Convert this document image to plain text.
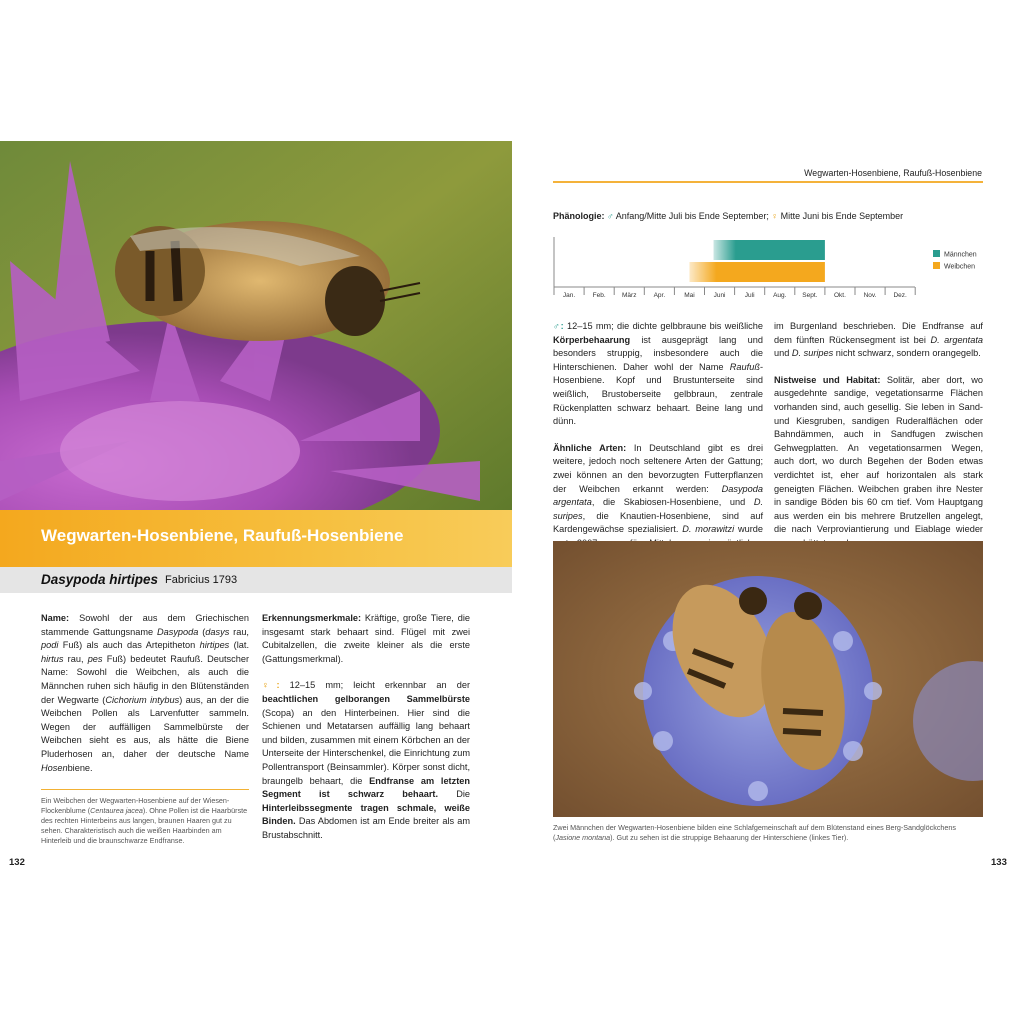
Wegwarten-Hosenbiene, Raufuß-Hosenbiene
Dasypoda hirtipes Fabricius 1793

Name: Sowohl der aus dem Griechischen stammende Gattungsname Dasypoda (dasys rau, podi Fuß) als auch das Artepitheton hirtipes (lat. hirtus rau, pes Fuß) bedeutet Raufuß. Deutscher Name: Sowohl die Weibchen, als auch die Männchen ruhen sich häufig in den Blütenständen der Wegwarte (Cichorium intybus) aus, an der die Weibchen Pollen als Larvenfutter sammeln. Wegen der auffälligen Sammelbürste der Weibchen sieht es aus, als hätte die Biene Pluderhosen an, daher der deutsche Name Hosenbiene.

Ein Weibchen der Wegwarten-Hosenbiene auf der Wiesen-Flockenblume (Centaurea jacea). Ohne Pollen ist die Haarbürste des rechten Hinterbeins aus langen, braunen Haaren gut zu sehen. Charakteristisch auch die weißen Haarbinden am Hinterleib und die braunschwarze Endfranse.

Erkennungsmerkmale: Kräftige, große Tiere, die insgesamt stark behaart sind. Flügel mit zwei Cubitalzellen, die zweite kleiner als die erste (Gattungsmerkmal).

♀: 12–15 mm; leicht erkennbar an der beachtlichen gelborangen Sammelbürste (Scopa) an den Hinterbeinen. Hier sind die Schienen und Metatarsen auffällig lang behaart und bilden, zusammen mit einem Körbchen an der Unterseite der Hinterschenkel, die Einrichtung zum Pollentransport (Beinsammler). Körper sonst dicht, braungelb behaart, die Endfranse am letzten Segment ist schwarz behaart. Die Hinterleibssegmente tragen schmale, weiße Binden. Das Abdomen ist am Ende breiter als am Brustabschnitt.

132
Wegwarten-Hosenbiene, Raufuß-Hosenbiene
Phänologie: ♂ Anfang/Mitte Juli bis Ende September; ♀ Mitte Juni bis Ende September
Jan.	Feb.	März	Apr.	Mai	Juni	Juli	Aug. Sept.	Okt.	Nov.	Dez.
Männchen
Weibchen

♂: 12–15 mm; die dichte gelbbraune bis weißliche Körperbehaarung ist ausgeprägt lang und besonders struppig, insbesondere auch die Hinterschienen. Daher wohl der Name Raufuß-Hosenbiene. Kopf und Brustunterseite sind weißlich, Brustoberseite gelbbraun, zentrale Rückenplatten schwarz behaart. Beine lang und dünn.

Ähnliche Arten: In Deutschland gibt es drei weitere, jedoch noch seltenere Arten der Gattung; zwei können an den bevorzugten Futterpflanzen der Weibchen erkannt werden: Dasypoda argentata, die Skabiosen-Hosenbiene, und D. suripes, die Knautien-Hosenbiene, sind auf Kardengewächse spezialisiert. D. morawitzi wurde

im Burgenland beschrieben. Die Endfranse auf dem fünften Rückensegment ist bei D. argentata und D. suripes nicht schwarz, sondern orangegelb.

Nistweise und Habitat: Solitär, aber dort, wo ausgedehnte sandige, vegetationsarme Flächen vorhanden sind, auch gesellig. Sie leben in Sand- und Kiesgruben, sandigen Ruderalflächen oder Bahndämmen, auch in Sandfugen zwischen Gehwegplatten. An vegetationsarmen Wegen, auch dort, wo durch Begehen der Boden etwas verdichtet ist, eher auf horizontalen als stark geneigten Flächen. Weibchen graben ihre Nester in sandige Böden bis 60 cm tief. Vom Hauptgang aus werden ein bis mehrere Brutzellen angelegt, die nach Verproviantierung und Eiablage wieder

Zwei Männchen der Wegwarten-Hosenbiene bilden eine Schlafgemeinschaft auf dem Blütenstand eines Berg-Sandglöckchens (Jasione montana). Gut zu sehen ist die struppige Behaarung der Hinterschiene (linkes Tier).
133
